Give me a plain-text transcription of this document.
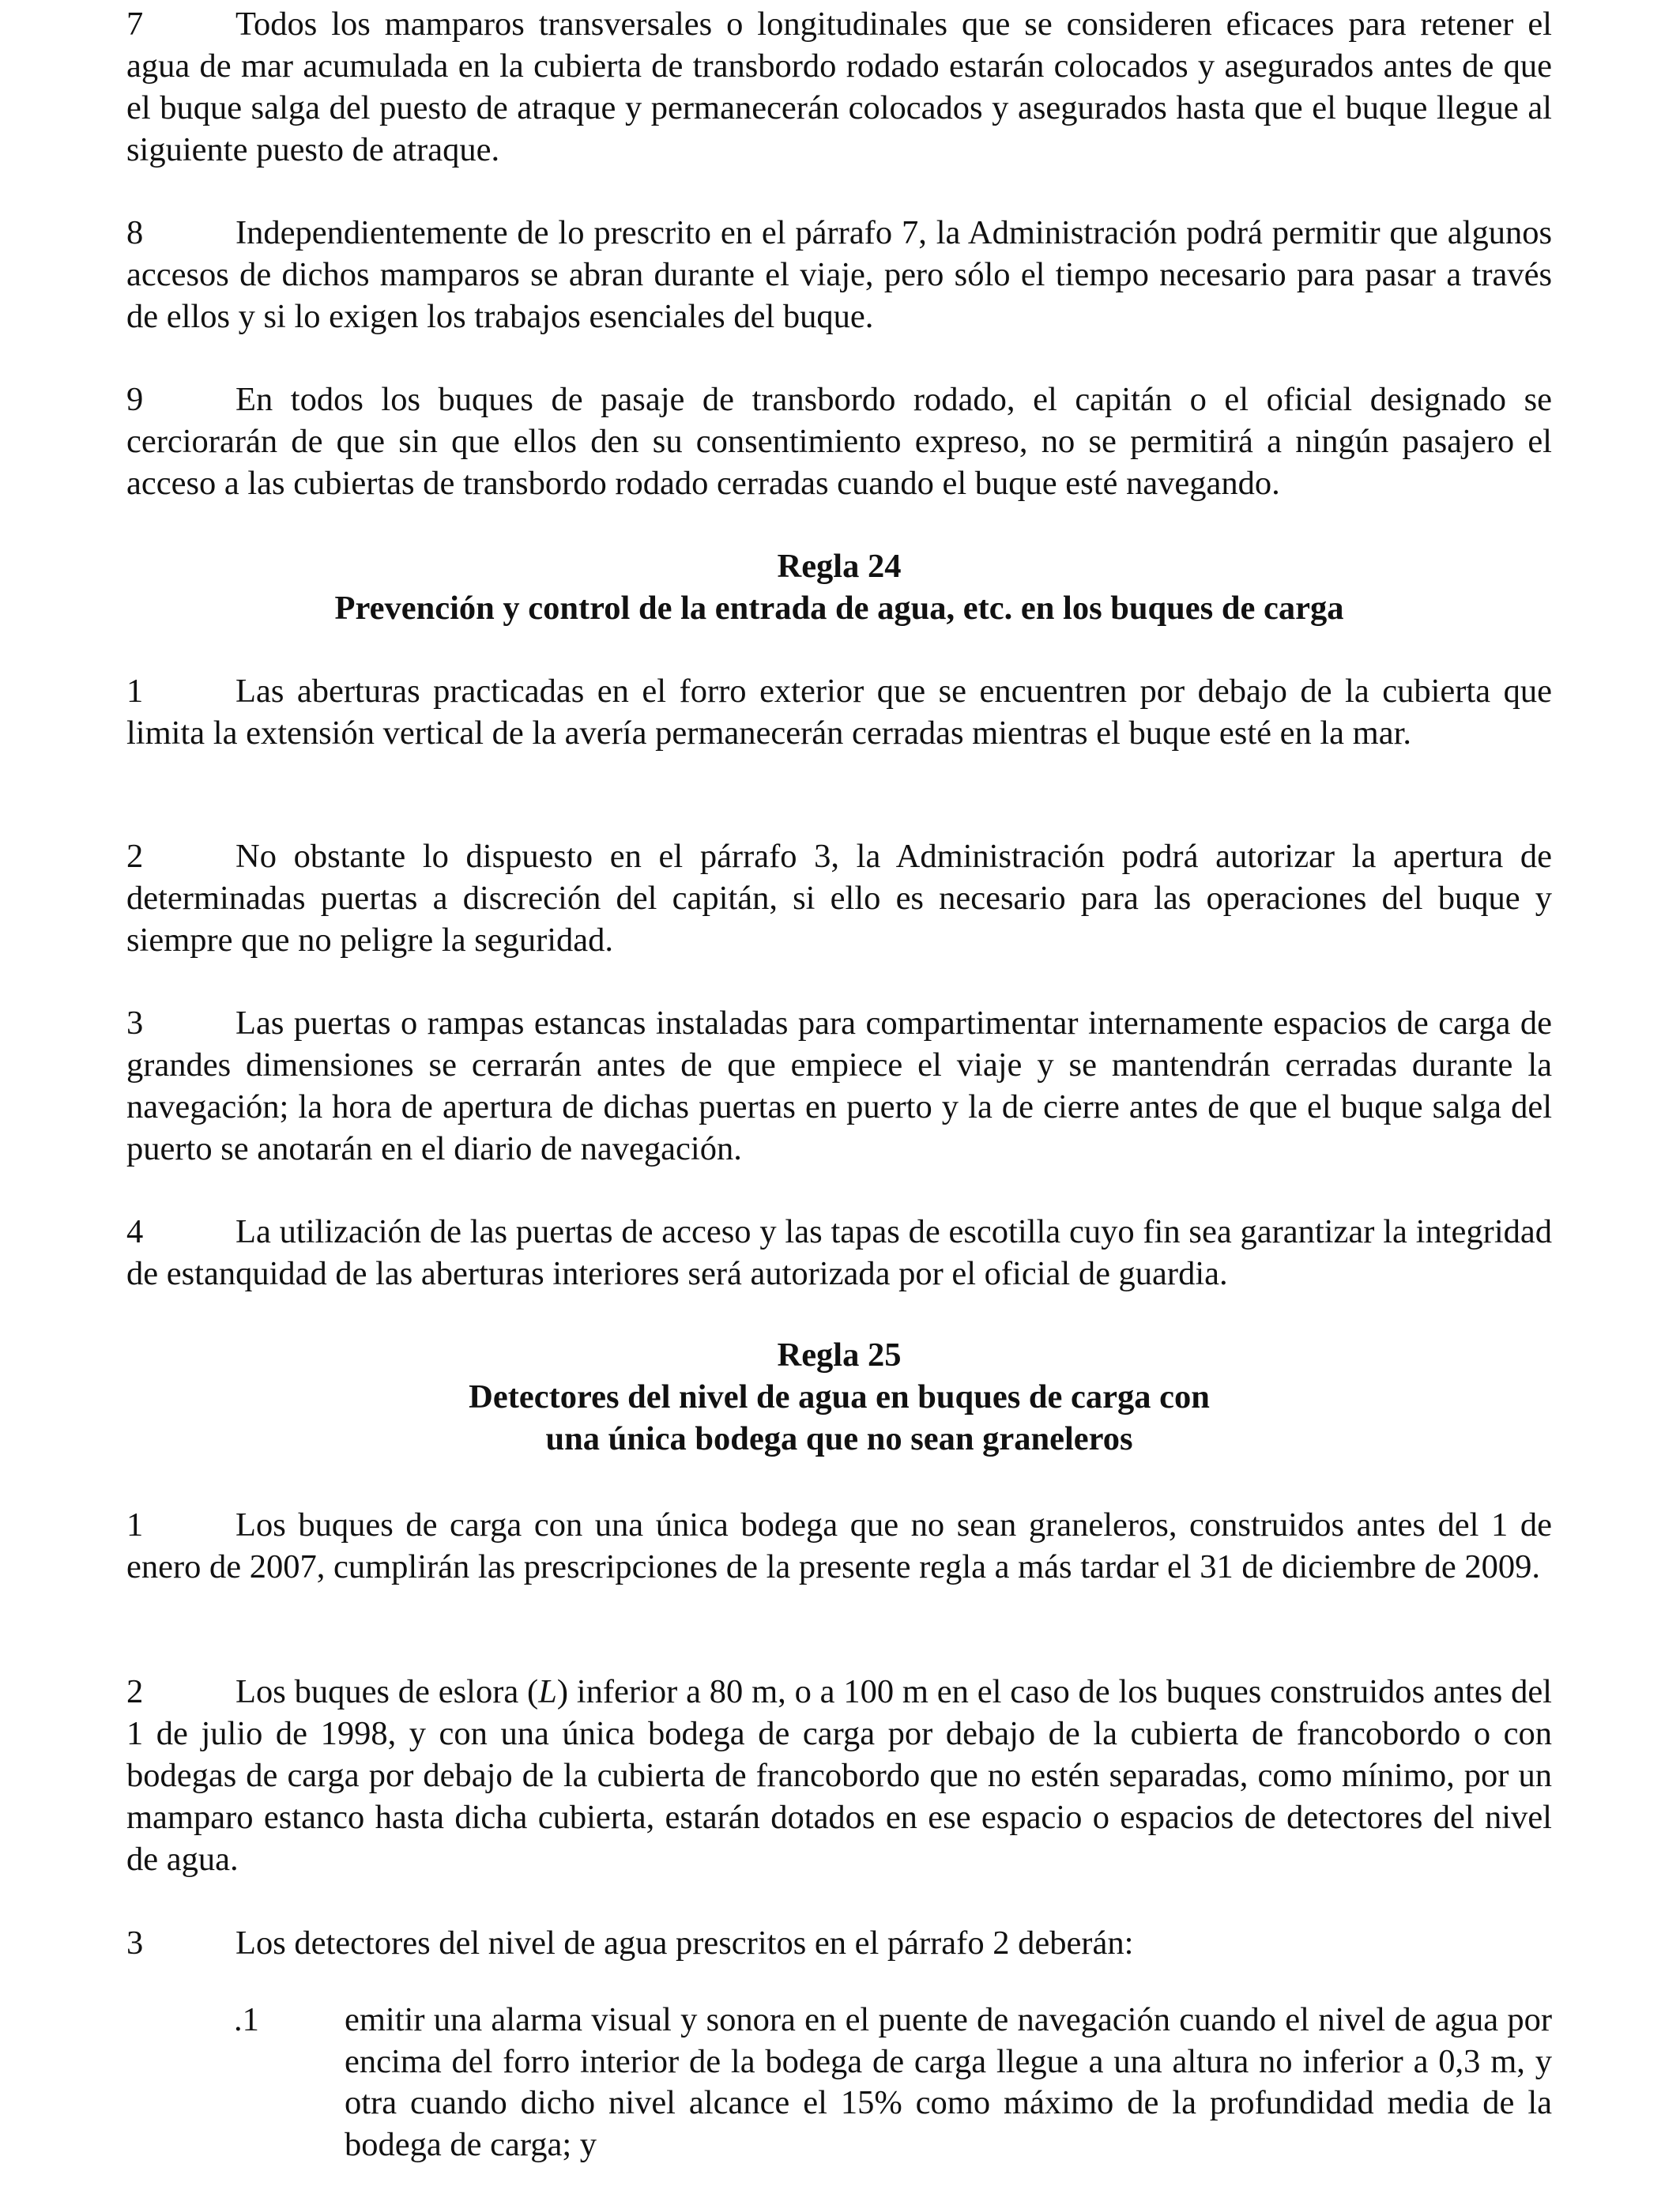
7	Todos los mamparos transversales o longitudinales que se consideren eficaces para retener el agua de mar acumulada en la cubierta de transbordo rodado estarán colocados y asegurados antes de que el buque salga del puesto de atraque y permanecerán colocados y asegurados hasta que el buque llegue al siguiente puesto de atraque.

8	Independientemente de lo prescrito en el párrafo 7, la Administración podrá permitir que algunos accesos de dichos mamparos se abran durante el viaje, pero sólo el tiempo necesario para pasar a través de ellos y si lo exigen los trabajos esenciales del buque.

9	En todos los buques de pasaje de transbordo rodado, el capitán o el oficial designado se cerciorarán de que sin que ellos den su consentimiento expreso, no se permitirá a ningún pasajero el acceso a las cubiertas de transbordo rodado cerradas cuando el buque esté navegando.

Regla 24
Prevención y control de la entrada de agua, etc. en los buques de carga

1	Las aberturas practicadas en el forro exterior que se encuentren por debajo de la cubierta que limita la extensión vertical de la avería permanecerán cerradas mientras el buque esté en la mar.

2	No obstante lo dispuesto en el párrafo 3, la Administración podrá autorizar la apertura de determinadas puertas a discreción del capitán, si ello es necesario para las operaciones del buque y siempre que no peligre la seguridad.

3	Las puertas o rampas estancas instaladas para compartimentar internamente espacios de carga de grandes dimensiones se cerrarán antes de que empiece el viaje y se mantendrán cerradas durante la navegación; la hora de apertura de dichas puertas en puerto y la de cierre antes de que el buque salga del puerto se anotarán en el diario de navegación.

4	La utilización de las puertas de acceso y las tapas de escotilla cuyo fin sea garantizar la integridad de estanquidad de las aberturas interiores será autorizada por el oficial de guardia.

Regla 25
Detectores del nivel de agua en buques de carga con
una única bodega que no sean graneleros

1	Los buques de carga con una única bodega que no sean graneleros, construidos antes del 1 de enero de 2007, cumplirán las prescripciones de la presente regla a más tardar el 31 de diciembre de 2009.

2	Los buques de eslora (L) inferior a 80 m, o a 100 m en el caso de los buques construidos antes del 1 de julio de 1998, y con una única bodega de carga por debajo de la cubierta de francobordo o con bodegas de carga por debajo de la cubierta de francobordo que no estén separadas, como mínimo, por un mamparo estanco hasta dicha cubierta, estarán dotados en ese espacio o espacios de detectores del nivel de agua.

3	Los detectores del nivel de agua prescritos en el párrafo 2 deberán:

.1	emitir una alarma visual y sonora en el puente de navegación cuando el nivel de agua por encima del forro interior de la bodega de carga llegue a una altura no inferior a 0,3 m, y otra cuando dicho nivel alcance el 15% como máximo de la profundidad media de la bodega de carga; y
